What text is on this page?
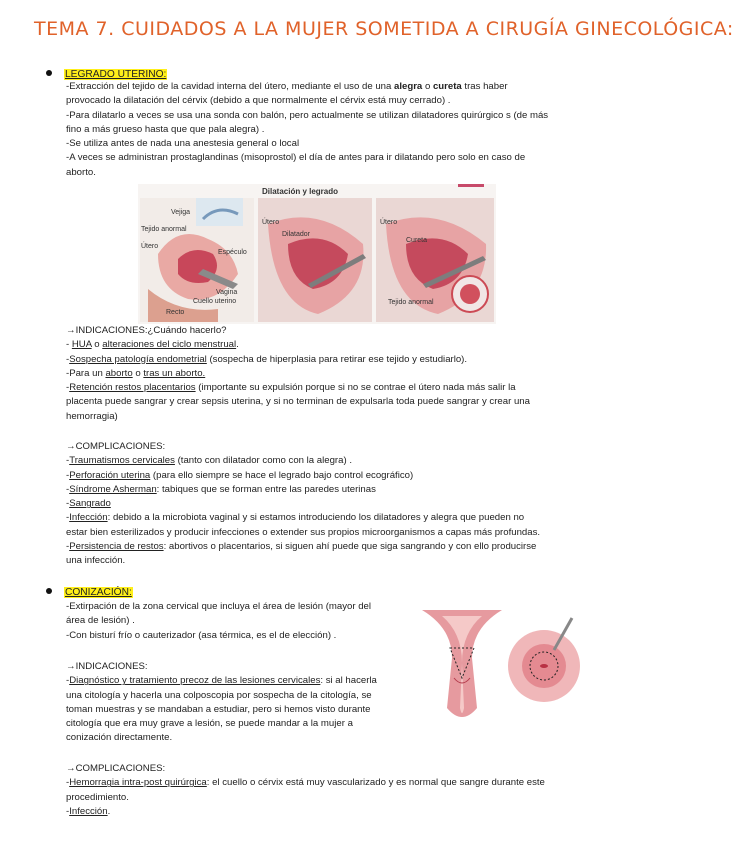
TEMA 7. CUIDADOS A LA MUJER SOMETIDA A CIRUGÍA GINECOLÓGICA:
LEGRADO UTERINO:

-Extracción del tejido de la cavidad interna del útero, mediante el uso de una alegra o cureta tras haber

provocado la dilatación del cérvix (debido a que normalmente el cérvix está muy cerrado) .

-Para dilatarlo a veces se usa una sonda con balón, pero actualmente se utilizan dilatadores quirúrgico s (de más

fino a más grueso hasta que que pala alegra) .

-Se utiliza antes de nada una anestesia general o local

-A veces se administran prostaglandinas (misoprostol) el día de antes para ir dilatando pero solo en caso de

aborto.

Dilatación y legrado
Vejiga
Tejido anormal
Útero
Espéculo
Vagina
Cuello uterino
Recto
Útero
Dilatador
Útero
Cureta
Tejido anormal

→INDICACIONES:¿Cuándo hacerlo?

- HUA o alteraciones del ciclo menstrual.

-Sospecha patología endometrial (sospecha de hiperplasia para retirar ese tejido y estudiarlo).

-Para un aborto o tras un aborto.

-Retención restos placentarios (importante su expulsión porque si no se contrae el útero nada más salir la

placenta puede sangrar y crear sepsis uterina, y si no terminan de expulsarla toda puede sangrar y crear una

hemorragia)

→COMPLICACIONES:

-Traumatismos cervicales (tanto con dilatador como con la alegra) .

-Perforación uterina (para ello siempre se hace el legrado bajo control ecográfico)

-Síndrome Asherman: tabiques que se forman entre las paredes uterinas

-Sangrado

-Infección: debido a la microbiota vaginal y si estamos introduciendo los dilatadores y alegra que pueden no

estar bien esterilizados y producir infecciones o extender sus propios microorganismos a capas más profundas.

-Persistencia de restos: abortivos o placentarios, si siguen ahí puede que siga sangrando y con ello producirse

una infección.

CONIZACIÓN:

-Extirpación de la zona cervical que incluya el área de lesión (mayor del

área de lesión) .

-Con bisturí frío o cauterizador (asa térmica, es el de elección) .

→INDICACIONES:

-Diagnóstico y tratamiento precoz de las lesiones cervicales: si al hacerla

una citología y hacerla una colposcopia por sospecha de la citología, se

toman muestras y se mandaban a estudiar, pero si hemos visto durante

citología que era muy grave a lesión, se puede mandar a la mujer a

conización directamente.

→COMPLICACIONES:

-Hemorragia intra-post quirúrgica: el cuello o cérvix está muy vascularizado y es normal que sangre durante este

procedimiento.

-Infección.
